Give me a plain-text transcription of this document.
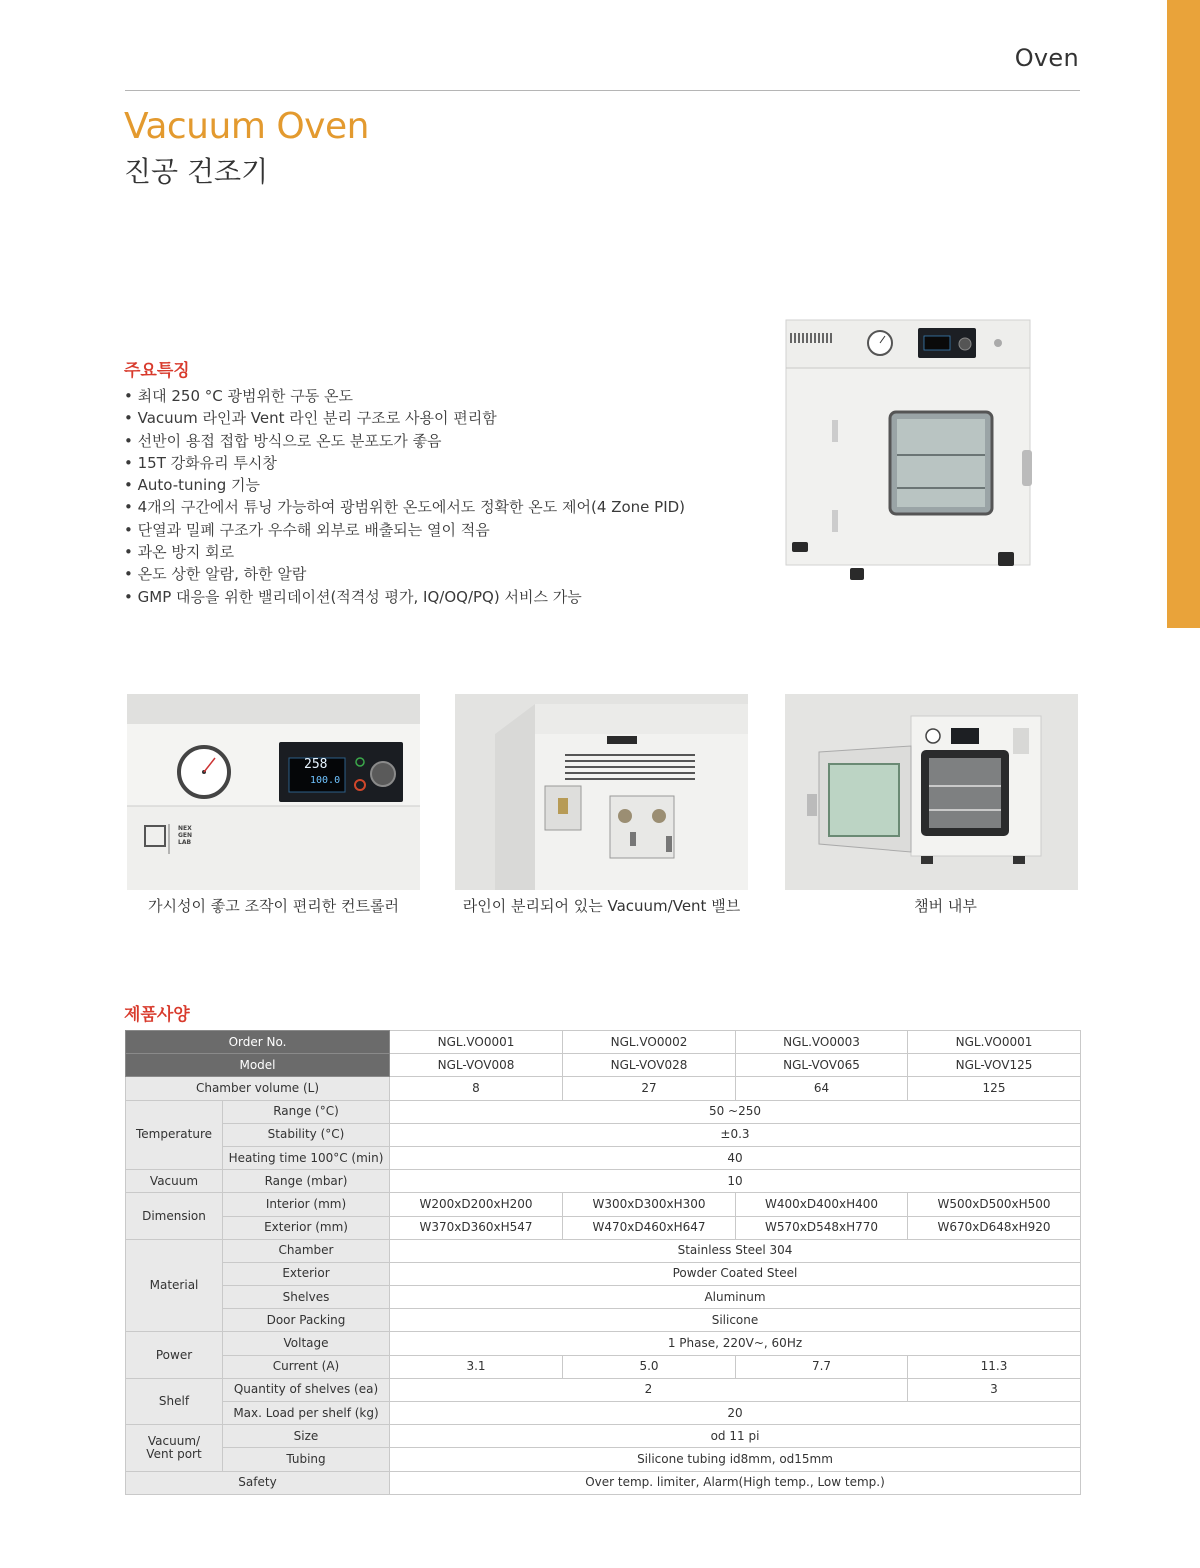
Oven
Vacuum Oven
진공 건조기
주요특징
• 최대 250 °C 광범위한 구동 온도
• Vacuum 라인과 Vent 라인 분리 구조로 사용이 편리함
• 선반이 용접 접합 방식으로 온도 분포도가 좋음
• 15T 강화유리 투시창
• Auto-tuning 기능
• 4개의 구간에서 튜닝 가능하여 광범위한 온도에서도 정확한 온도 제어(4 Zone PID)
• 단열과 밀폐 구조가 우수해 외부로 배출되는 열이 적음
• 과온 방지 회로
• 온도 상한 알람, 하한 알람
• GMP 대응을 위한 밸리데이션(적격성 평가, IQ/OQ/PQ) 서비스 가능
258
100.0
NEX
GEN
LAB
가시성이 좋고 조작이 편리한 컨트롤러	라인이 분리되어 있는 Vacuum/Vent 밸브	챔버 내부
제품사양
Order No.		NGL.VO0001	NGL.VO0002	NGL.VO0003	NGL.VO0001
Model		NGL-VOV008	NGL-VOV028	NGL-VOV065	NGL-VOV125
Chamber volume (L)		8	27	64	125
Temperature	Range (°C)	50 ~250			
	Stability (°C)	±0.3			
	Heating time 100°C (min)	40			
Vacuum	Range (mbar)	10			
Dimension	Interior (mm)	W200xD200xH200	W300xD300xH300	W400xD400xH400	W500xD500xH500
	Exterior (mm)	W370xD360xH547	W470xD460xH647	W570xD548xH770	W670xD648xH920
Material	Chamber	Stainless Steel 304			
	Exterior	Powder Coated Steel			
	Shelves	Aluminum			
	Door Packing	Silicone			
Power	Voltage	1 Phase, 220V~, 60Hz			
	Current (A)	3.1	5.0	7.7	11.3
Shelf	Quantity of shelves (ea)	2			3
	Max. Load per shelf (kg)	20			
Vacuum/
Vent port	Size	od 11 pi			
	Tubing	Silicone tubing id8mm, od15mm			
Safety		Over temp. limiter, Alarm(High temp., Low temp.)			
